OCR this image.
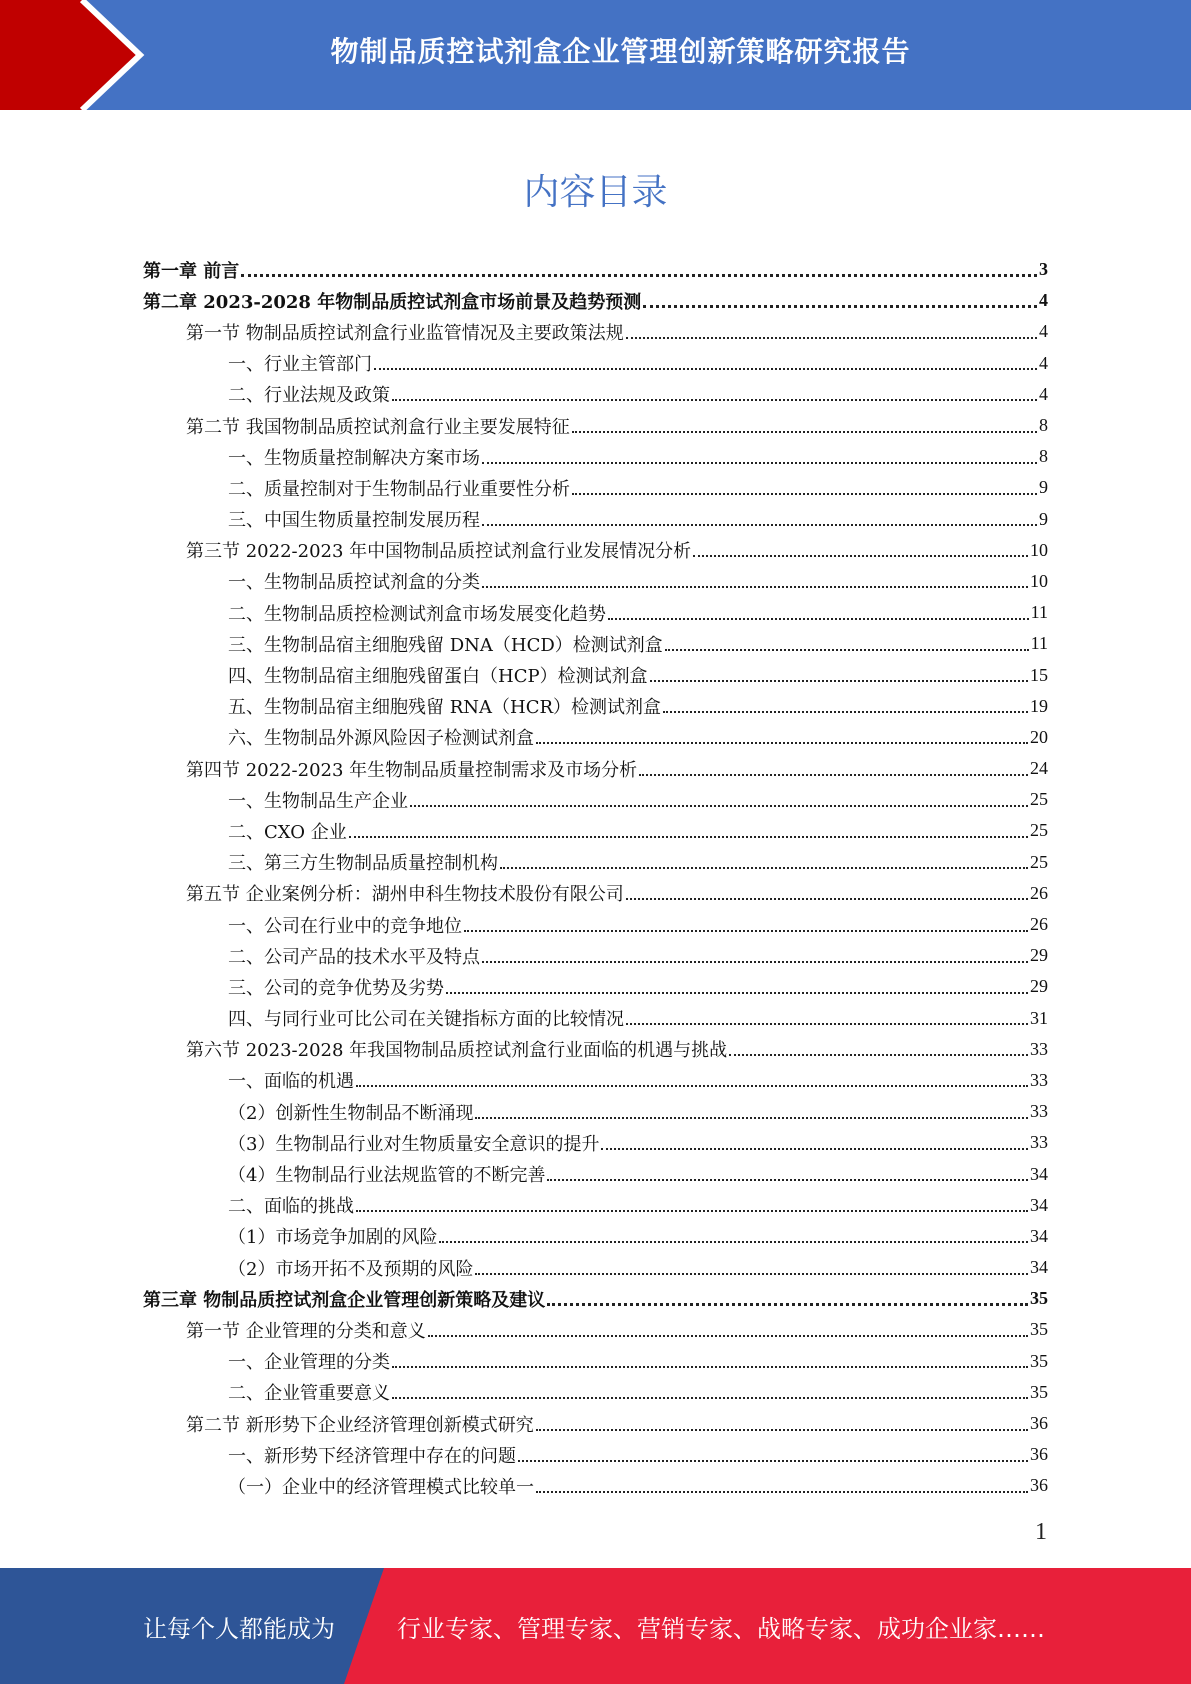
物制品质控试剂盒企业管理创新策略研究报告
内容目录
第一章 前言	3
第二章 2023-2028 年物制品质控试剂盒市场前景及趋势预测	4
第一节 物制品质控试剂盒行业监管情况及主要政策法规	4
一、行业主管部门	4
二、行业法规及政策	4
第二节 我国物制品质控试剂盒行业主要发展特征	8
一、生物质量控制解决方案市场	8
二、质量控制对于生物制品行业重要性分析	9
三、中国生物质量控制发展历程	9
第三节 2022-2023 年中国物制品质控试剂盒行业发展情况分析	10
一、生物制品质控试剂盒的分类	10
二、生物制品质控检测试剂盒市场发展变化趋势	11
三、生物制品宿主细胞残留 DNA（HCD）检测试剂盒	11
四、生物制品宿主细胞残留蛋白（HCP）检测试剂盒	15
五、生物制品宿主细胞残留 RNA（HCR）检测试剂盒	19
六、生物制品外源风险因子检测试剂盒	20
第四节 2022-2023 年生物制品质量控制需求及市场分析	24
一、生物制品生产企业	25
二、CXO 企业	25
三、第三方生物制品质量控制机构	25
第五节 企业案例分析：湖州申科生物技术股份有限公司	26
一、公司在行业中的竞争地位	26
二、公司产品的技术水平及特点	29
三、公司的竞争优势及劣势	29
四、与同行业可比公司在关键指标方面的比较情况	31
第六节 2023-2028 年我国物制品质控试剂盒行业面临的机遇与挑战	33
一、面临的机遇	33
（2）创新性生物制品不断涌现	33
（3）生物制品行业对生物质量安全意识的提升	33
（4）生物制品行业法规监管的不断完善	34
二、面临的挑战	34
（1）市场竞争加剧的风险	34
（2）市场开拓不及预期的风险	34
第三章 物制品质控试剂盒企业管理创新策略及建议	35
第一节 企业管理的分类和意义	35
一、企业管理的分类	35
二、企业管重要意义	35
第二节 新形势下企业经济管理创新模式研究	36
一、新形势下经济管理中存在的问题	36
（一）企业中的经济管理模式比较单一	36
1
让每个人都能成为	行业专家、管理专家、营销专家、战略专家、成功企业家……
